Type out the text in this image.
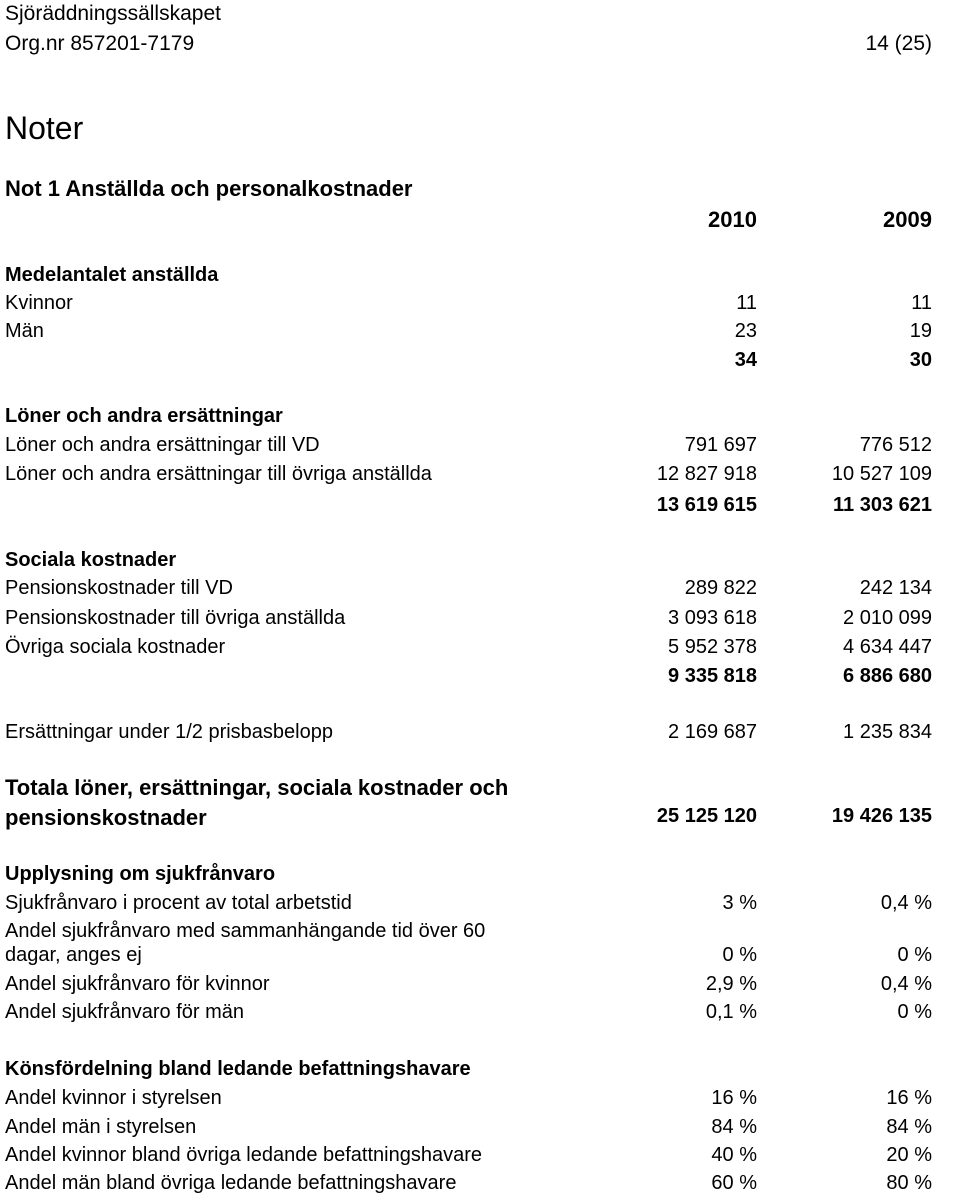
Sjöräddningssällskapet
Org.nr 857201-7179	14 (25)
Noter
Not 1 Anställda och personalkostnader
2010	2009
Medelantalet anställda
Kvinnor	11	11
Män	23	19
34	30
Löner och andra ersättningar
Löner och andra ersättningar till VD	791 697	776 512
Löner och andra ersättningar till övriga anställda	12 827 918	10 527 109
13 619 615	11 303 621
Sociala kostnader
Pensionskostnader till VD	289 822	242 134
Pensionskostnader till övriga anställda	3 093 618	2 010 099
Övriga sociala kostnader	5 952 378	4 634 447
9 335 818	6 886 680
Ersättningar under 1/2 prisbasbelopp	2 169 687	1 235 834
Totala löner, ersättningar, sociala kostnader och
pensionskostnader	25 125 120	19 426 135
Upplysning om sjukfrånvaro
Sjukfrånvaro i procent av total arbetstid	3 %	0,4 %
Andel sjukfrånvaro med sammanhängande tid över 60
dagar, anges ej	0 %	0 %
Andel sjukfrånvaro för kvinnor	2,9 %	0,4 %
Andel sjukfrånvaro för män	0,1 %	0 %
Könsfördelning bland ledande befattningshavare
Andel kvinnor i styrelsen	16 %	16 %
Andel män i styrelsen	84 %	84 %
Andel kvinnor bland övriga ledande befattningshavare	40 %	20 %
Andel män bland övriga ledande befattningshavare	60 %	80 %
